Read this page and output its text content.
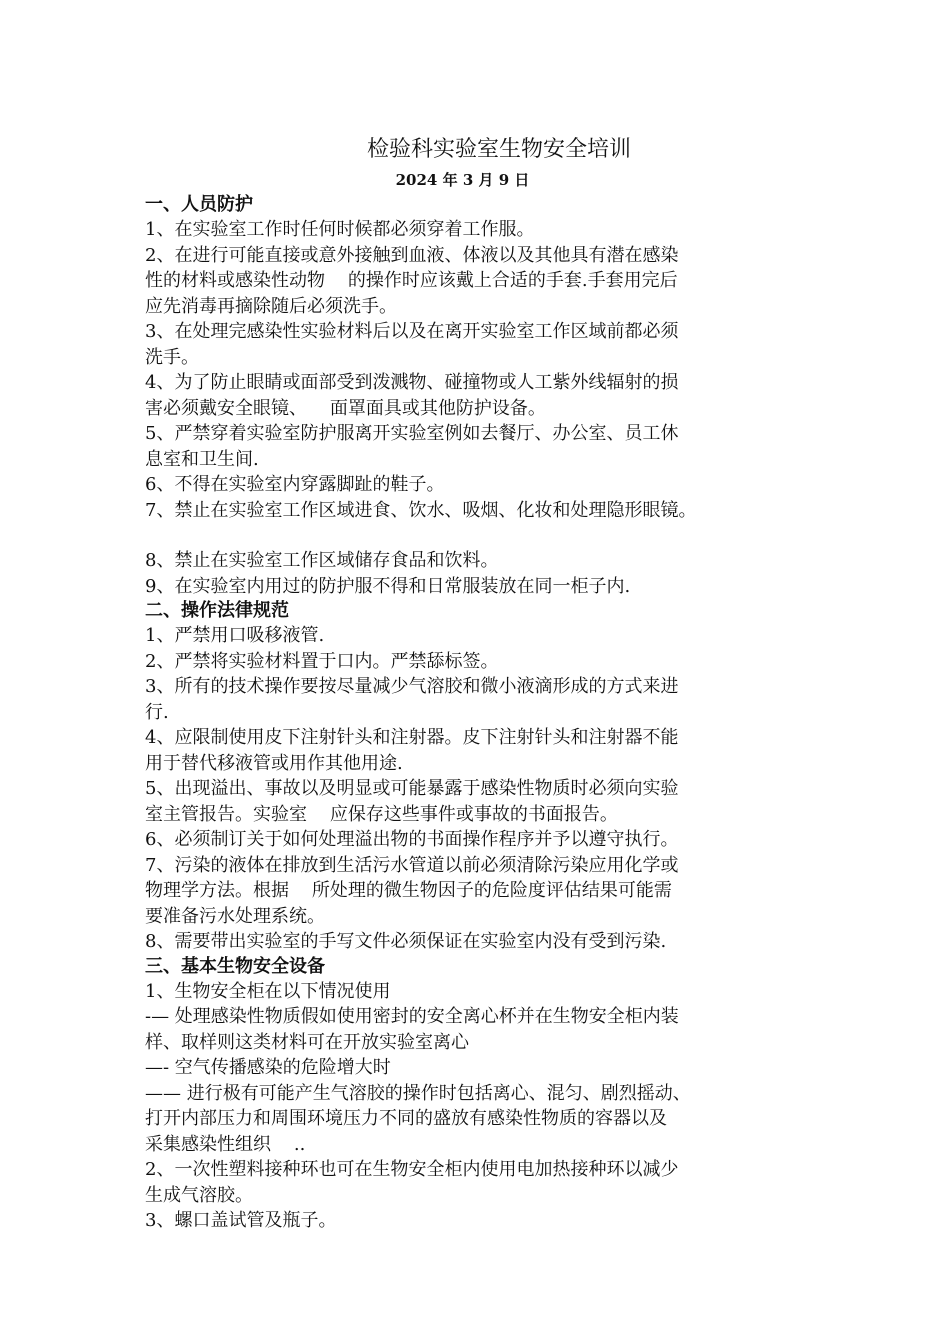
检验科实验室生物安全培训

2024 年 3 月 9 日

一、人员防护

1、在实验室工作时任何时候都必须穿着工作服。

2、在进行可能直接或意外接触到血液、体液以及其他具有潜在感染
性的材料或感染性动物    的操作时应该戴上合适的手套.手套用完后
应先消毒再摘除随后必须洗手。

3、在处理完感染性实验材料后以及在离开实验室工作区域前都必须
洗手。

4、为了防止眼睛或面部受到泼溅物、碰撞物或人工紫外线辐射的损
害必须戴安全眼镜、    面罩面具或其他防护设备。

5、严禁穿着实验室防护服离开实验室例如去餐厅、办公室、员工休
息室和卫生间.

6、不得在实验室内穿露脚趾的鞋子。

7、禁止在实验室工作区域进食、饮水、吸烟、化妆和处理隐形眼镜。

8、禁止在实验室工作区域储存食品和饮料。

9、在实验室内用过的防护服不得和日常服装放在同一柜子内.

二、操作法律规范

1、严禁用口吸移液管.

2、严禁将实验材料置于口内。严禁舔标签。

3、所有的技术操作要按尽量减少气溶胶和微小液滴形成的方式来进
行.

4、应限制使用皮下注射针头和注射器。皮下注射针头和注射器不能
用于替代移液管或用作其他用途.

5、出现溢出、事故以及明显或可能暴露于感染性物质时必须向实验
室主管报告。实验室    应保存这些事件或事故的书面报告。

6、必须制订关于如何处理溢出物的书面操作程序并予以遵守执行。

7、污染的液体在排放到生活污水管道以前必须清除污染应用化学或
物理学方法。根据    所处理的微生物因子的危险度评估结果可能需
要准备污水处理系统。

8、需要带出实验室的手写文件必须保证在实验室内没有受到污染.

三、基本生物安全设备

1、生物安全柜在以下情况使用

-— 处理感染性物质假如使用密封的安全离心杯并在生物安全柜内装
样、取样则这类材料可在开放实验室离心

—- 空气传播感染的危险增大时

—— 进行极有可能产生气溶胶的操作时包括离心、混匀、剧烈摇动、
打开内部压力和周围环境压力不同的盛放有感染性物质的容器以及
采集感染性组织    ..

2、一次性塑料接种环也可在生物安全柜内使用电加热接种环以减少
生成气溶胶。

3、螺口盖试管及瓶子。
